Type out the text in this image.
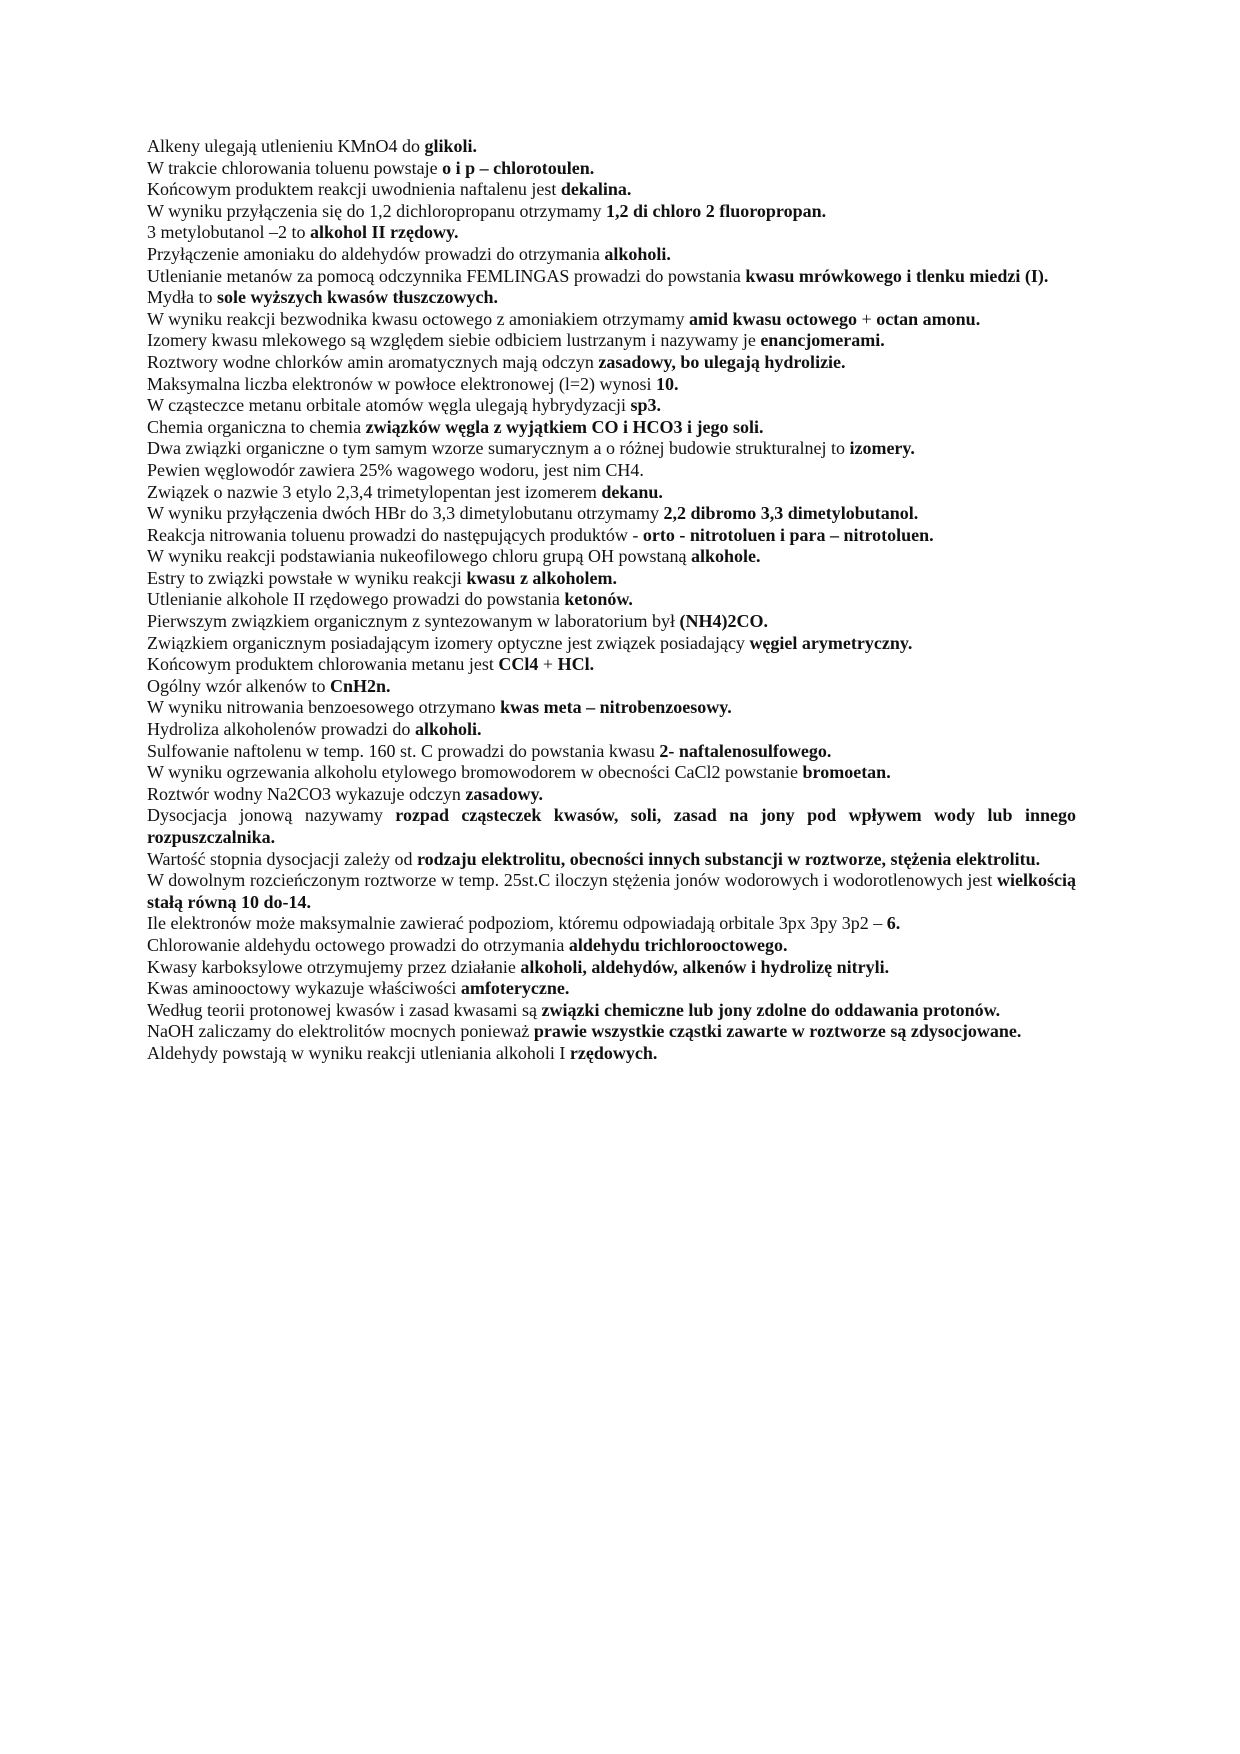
Alkeny ulegają utlenieniu KMnO4 do glikoli.

W trakcie chlorowania toluenu powstaje o i p – chlorotoulen.

Końcowym produktem reakcji uwodnienia naftalenu jest dekalina.

W wyniku przyłączenia się do 1,2 dichloropropanu otrzymamy 1,2 di chloro 2 fluoropropan.

3 metylobutanol –2 to alkohol II rzędowy.

Przyłączenie amoniaku do aldehydów prowadzi do otrzymania alkoholi.

Utlenianie metanów za pomocą odczynnika FEMLINGAS prowadzi do powstania kwasu mrówkowego i tlenku miedzi (I).

Mydła to sole wyższych kwasów tłuszczowych.

W wyniku reakcji bezwodnika kwasu octowego z amoniakiem otrzymamy amid kwasu octowego + octan amonu.

Izomery kwasu mlekowego są względem siebie odbiciem lustrzanym i nazywamy je enancjomerami.

Roztwory wodne chlorków amin aromatycznych mają odczyn zasadowy, bo ulegają hydrolizie.

Maksymalna liczba elektronów w powłoce elektronowej (l=2) wynosi 10.

W cząsteczce metanu orbitale atomów węgla ulegają hybrydyzacji sp3.

Chemia organiczna to chemia związków węgla z wyjątkiem CO i HCO3 i jego soli.

Dwa związki organiczne o tym samym wzorze sumarycznym a o różnej budowie strukturalnej to izomery.

Pewien węglowodór zawiera 25% wagowego wodoru, jest nim CH4.

Związek o nazwie 3 etylo 2,3,4 trimetylopentan jest izomerem dekanu.

W wyniku przyłączenia dwóch HBr do 3,3 dimetylobutanu otrzymamy 2,2 dibromo 3,3 dimetylobutanol.

Reakcja nitrowania toluenu prowadzi do następujących produktów - orto - nitrotoluen i para – nitrotoluen.

W wyniku reakcji podstawiania nukeofilowego chloru grupą OH powstaną alkohole.

Estry to związki powstałe w wyniku reakcji kwasu z alkoholem.

Utlenianie alkohole II rzędowego prowadzi do powstania ketonów.

Pierwszym związkiem organicznym z syntezowanym w laboratorium był (NH4)2CO.

Związkiem organicznym posiadającym izomery optyczne jest związek posiadający węgiel arymetryczny.

Końcowym produktem chlorowania metanu jest CCl4 + HCl.

Ogólny wzór alkenów to CnH2n.

W wyniku nitrowania benzoesowego otrzymano kwas meta – nitrobenzoesowy.

Hydroliza alkoholenów prowadzi do alkoholi.

Sulfowanie naftolenu w temp. 160 st. C prowadzi do powstania kwasu 2- naftalenosulfowego.

W wyniku ogrzewania alkoholu etylowego bromowodorem w obecności CaCl2 powstanie bromoetan.

Roztwór wodny Na2CO3 wykazuje odczyn zasadowy.

Dysocjacja jonową nazywamy rozpad cząsteczek kwasów, soli, zasad na jony pod wpływem wody lub innego rozpuszczalnika.

Wartość stopnia dysocjacji zależy od rodzaju elektrolitu, obecności innych substancji w roztworze, stężenia elektrolitu.

W dowolnym rozcieńczonym roztworze w temp. 25st.C iloczyn stężenia jonów wodorowych i wodorotlenowych jest wielkością stałą równą 10 do-14.

Ile elektronów może maksymalnie zawierać podpoziom, któremu odpowiadają orbitale 3px 3py 3p2 – 6.

Chlorowanie aldehydu octowego prowadzi do otrzymania aldehydu trichlorooctowego.

Kwasy karboksylowe otrzymujemy przez działanie alkoholi, aldehydów, alkenów i hydrolizę nitryli.

Kwas aminooctowy wykazuje właściwości amfoteryczne.

Według teorii protonowej kwasów i zasad kwasami są związki chemiczne lub jony zdolne do oddawania protonów.

NaOH zaliczamy do elektrolitów mocnych ponieważ prawie wszystkie cząstki zawarte w roztworze są zdysocjowane.

Aldehydy powstają w wyniku reakcji utleniania alkoholi I rzędowych.
